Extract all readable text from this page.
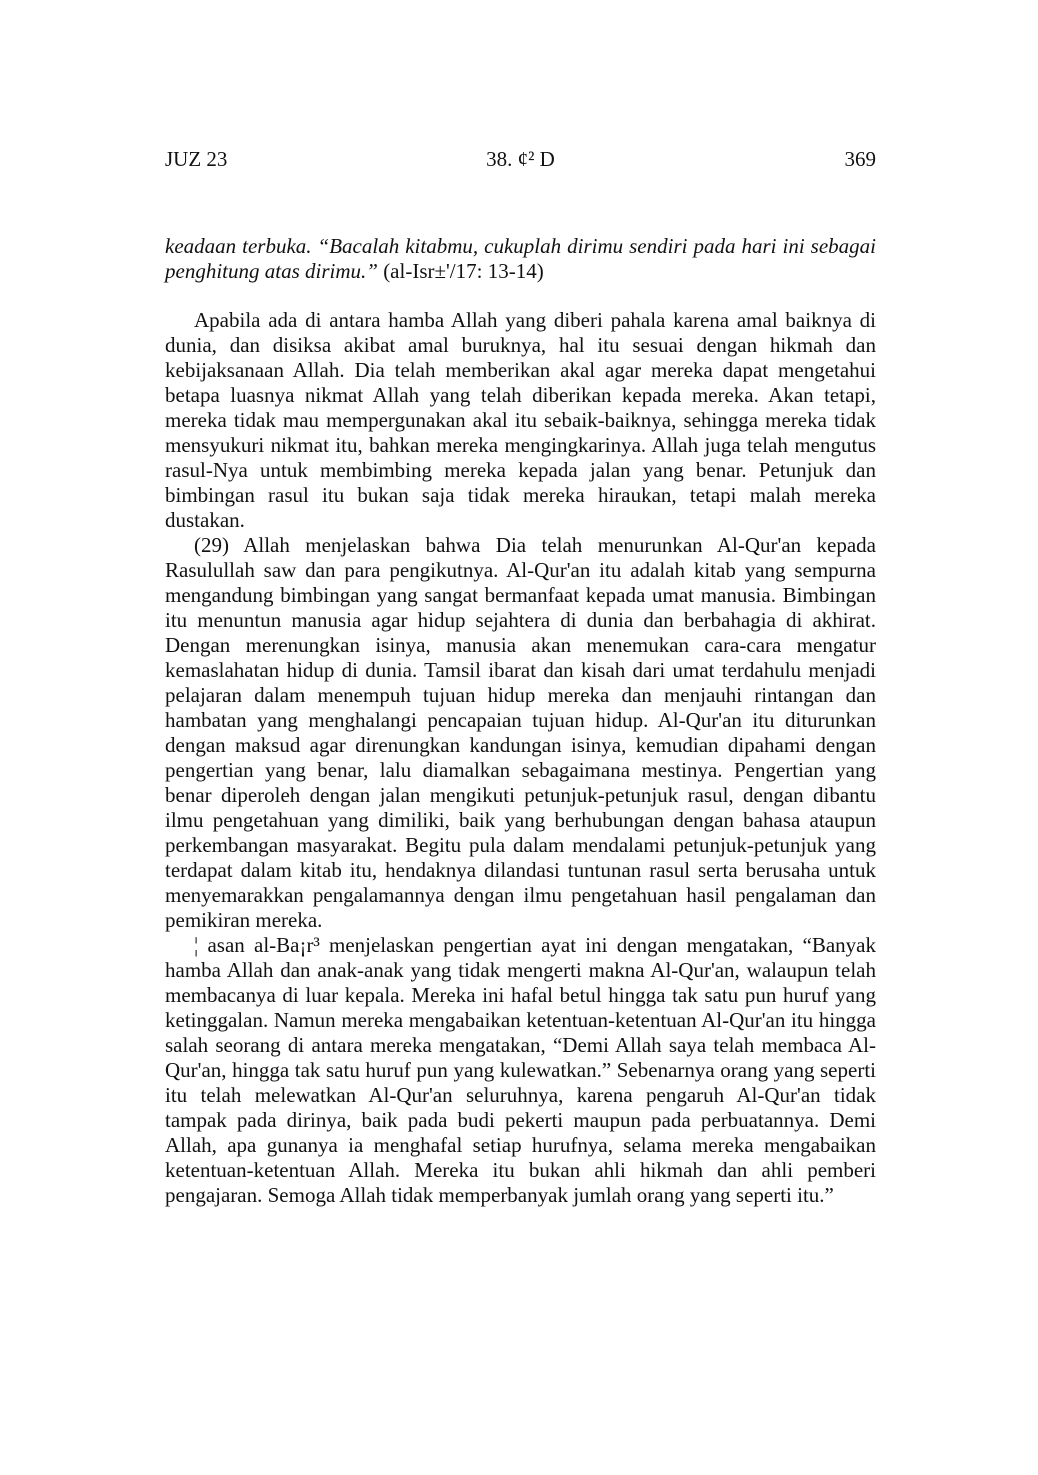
JUZ 23	38. ¢² D	369

keadaan terbuka. “Bacalah kitabmu, cukuplah dirimu sendiri pada hari ini sebagai penghitung atas dirimu.” (al-Isr±'/17: 13-14)

Apabila ada di antara hamba Allah yang diberi pahala karena amal baiknya di dunia, dan disiksa akibat amal buruknya, hal itu sesuai dengan hikmah dan kebijaksanaan Allah. Dia telah memberikan akal agar mereka dapat mengetahui betapa luasnya nikmat Allah yang telah diberikan kepada mereka. Akan tetapi, mereka tidak mau mempergunakan akal itu sebaik-baiknya, sehingga mereka tidak mensyukuri nikmat itu, bahkan mereka mengingkarinya. Allah juga telah mengutus rasul-Nya untuk membimbing mereka kepada jalan yang benar. Petunjuk dan bimbingan rasul itu bukan saja tidak mereka hiraukan, tetapi malah mereka dustakan.

(29) Allah menjelaskan bahwa Dia telah menurunkan Al-Qur'an kepada Rasulullah saw dan para pengikutnya. Al-Qur'an itu adalah kitab yang sempurna mengandung bimbingan yang sangat bermanfaat kepada umat manusia. Bimbingan itu menuntun manusia agar hidup sejahtera di dunia dan berbahagia di akhirat. Dengan merenungkan isinya, manusia akan menemukan cara-cara mengatur kemaslahatan hidup di dunia. Tamsil ibarat dan kisah dari umat terdahulu menjadi pelajaran dalam menempuh tujuan hidup mereka dan menjauhi rintangan dan hambatan yang menghalangi pencapaian tujuan hidup. Al-Qur'an itu diturunkan dengan maksud agar direnungkan kandungan isinya, kemudian dipahami dengan pengertian yang benar, lalu diamalkan sebagaimana mestinya. Pengertian yang benar diperoleh dengan jalan mengikuti petunjuk-petunjuk rasul, dengan dibantu ilmu pengetahuan yang dimiliki, baik yang berhubungan dengan bahasa ataupun perkembangan masyarakat. Begitu pula dalam mendalami petunjuk-petunjuk yang terdapat dalam kitab itu, hendaknya dilandasi tuntunan rasul serta berusaha untuk menyemarakkan pengalamannya dengan ilmu pengetahuan hasil pengalaman dan pemikiran mereka.

¦ asan al-Ba¡r³ menjelaskan pengertian ayat ini dengan mengatakan, “Banyak hamba Allah dan anak-anak yang tidak mengerti makna Al-Qur'an, walaupun telah membacanya di luar kepala. Mereka ini hafal betul hingga tak satu pun huruf yang ketinggalan. Namun mereka mengabaikan ketentuan-ketentuan Al-Qur'an itu hingga salah seorang di antara mereka mengatakan, “Demi Allah saya telah membaca Al-Qur'an, hingga tak satu huruf pun yang kulewatkan.” Sebenarnya orang yang seperti itu telah melewatkan Al-Qur'an seluruhnya, karena pengaruh Al-Qur'an tidak tampak pada dirinya, baik pada budi pekerti maupun pada perbuatannya. Demi Allah, apa gunanya ia menghafal setiap hurufnya, selama mereka mengabaikan ketentuan-ketentuan Allah. Mereka itu bukan ahli hikmah dan ahli pemberi pengajaran. Semoga Allah tidak memperbanyak jumlah orang yang seperti itu.”
